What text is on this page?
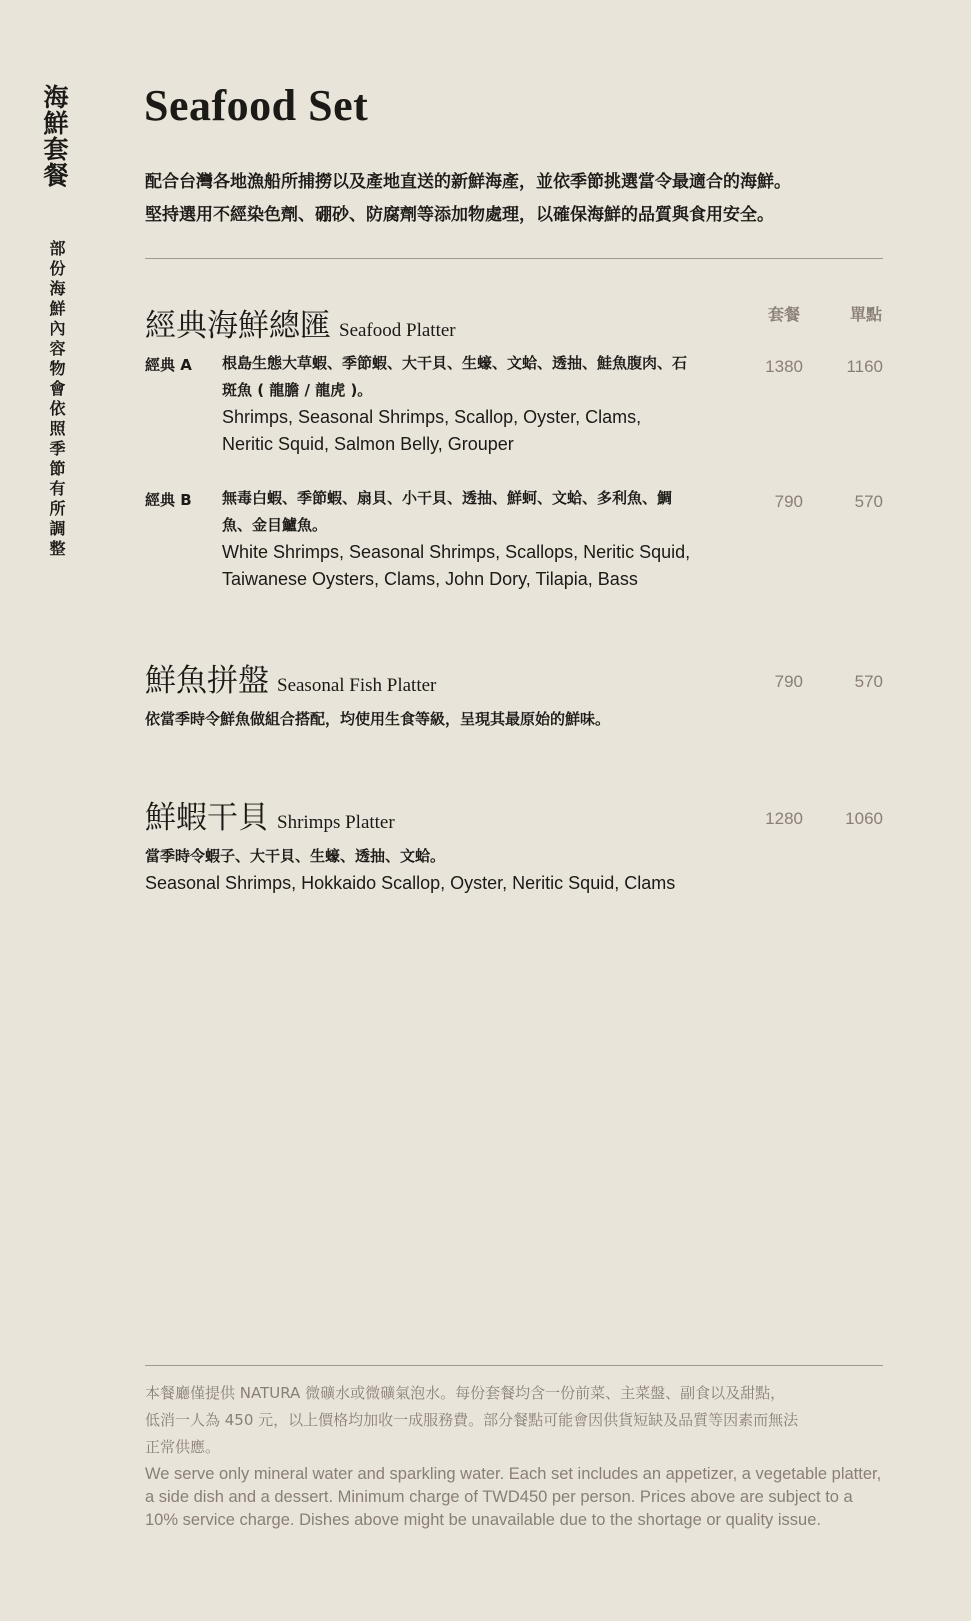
海鮮套餐
部份海鮮內容物會依照季節有所調整
Seafood Set
配合台灣各地漁船所捕撈以及產地直送的新鮮海產，並依季節挑選當令最適合的海鮮。
堅持選用不經染色劑、硼砂、防腐劑等添加物處理，以確保海鮮的品質與食用安全。
套餐	單點
經典海鮮總匯 Seafood Platter
經典 A 根島生態大草蝦、季節蝦、大干貝、生蠔、文蛤、透抽、鮭魚腹肉、石斑魚 ( 龍膽 / 龍虎 )。
Shrimps, Seasonal Shrimps, Scallop, Oyster, Clams, Neritic Squid, Salmon Belly, Grouper
1380	1160
經典 B 無毒白蝦、季節蝦、扇貝、小干貝、透抽、鮮蚵、文蛤、多利魚、鯛魚、金目鱸魚。
White Shrimps, Seasonal Shrimps, Scallops, Neritic Squid, Taiwanese Oysters, Clams, John Dory, Tilapia, Bass
790	570
鮮魚拼盤 Seasonal Fish Platter	790	570
依當季時令鮮魚做組合搭配，均使用生食等級，呈現其最原始的鮮味。
鮮蝦干貝 Shrimps Platter	1280	1060
當季時令蝦子、大干貝、生蠔、透抽、文蛤。
Seasonal Shrimps, Hokkaido Scallop, Oyster, Neritic Squid, Clams
本餐廳僅提供 NATURA 微礦水或微礦氣泡水。每份套餐均含一份前菜、主菜盤、副食以及甜點，
低消一人為 450 元，以上價格均加收一成服務費。部分餐點可能會因供貨短缺及品質等因素而無法
正常供應。
We serve only mineral water and sparkling water. Each set includes an appetizer, a vegetable platter, a side dish and a dessert. Minimum charge of TWD450 per person. Prices above are subject to a 10% service charge. Dishes above might be unavailable due to the shortage or quality issue.
